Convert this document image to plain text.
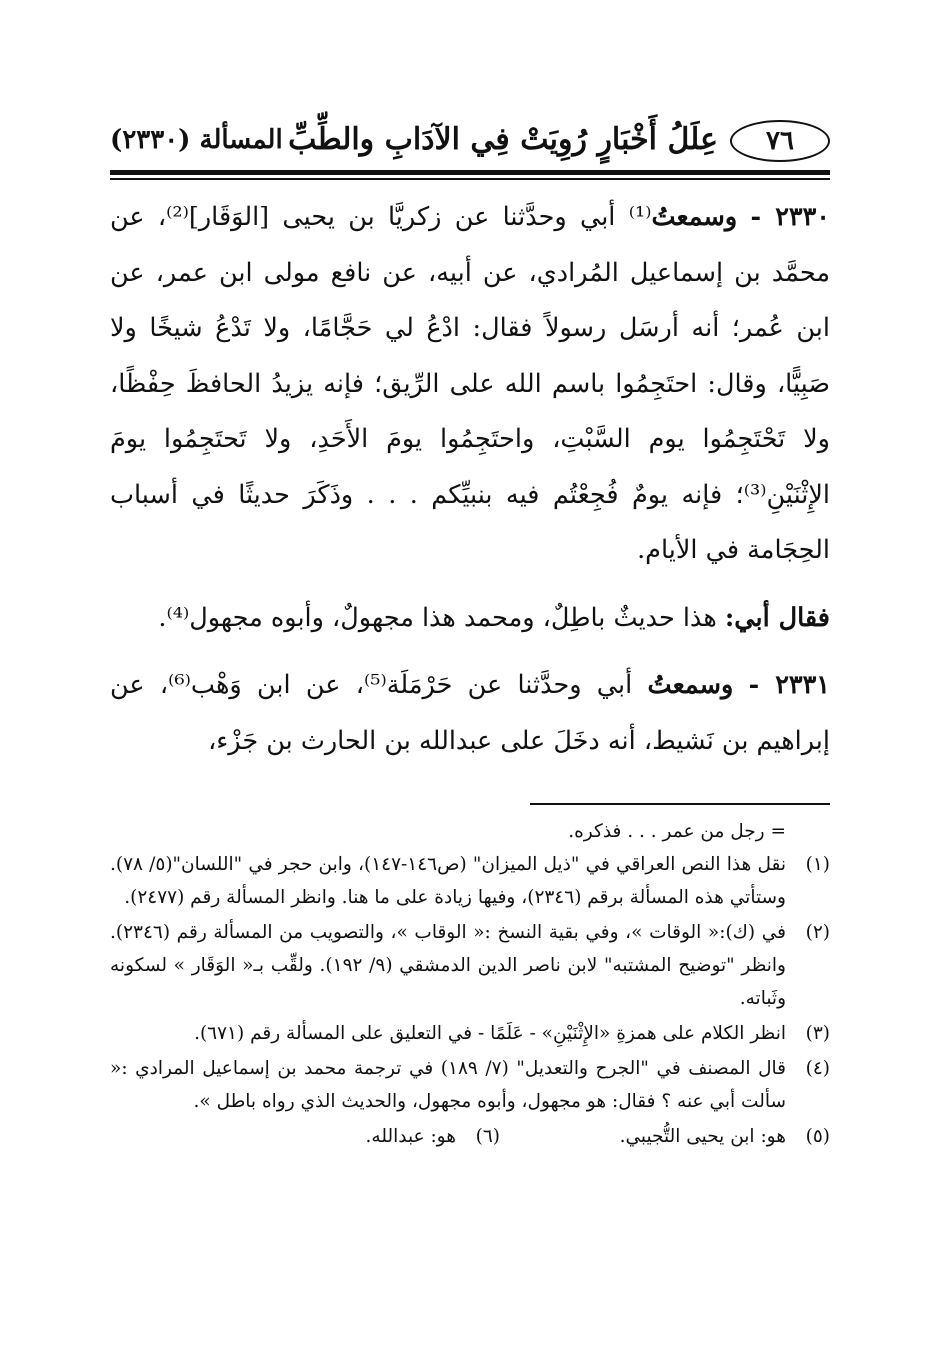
٧٦
عِلَلُ أَخْبَارٍ رُوِيَتْ فِي الآدَابِ والطِّبِّ
المسألة (٢٣٣٠)

٢٣٣٠ - وسمعتُ⁽¹⁾ أبي وحدَّثنا عن زكريَّا بن يحيى [الوَقَار]⁽²⁾، عن محمَّد بن إسماعيل المُرادي، عن أبيه، عن نافع مولى ابن عمر، عن ابن عُمر؛ أنه أرسَل رسولاً فقال: ادْعُ لي حَجَّامًا، ولا تَدْعُ شيخًا ولا صَبِيًّا، وقال: احتَجِمُوا باسم الله على الرِّيق؛ فإنه يزيدُ الحافظَ حِفْظًا، ولا تَحْتَجِمُوا يوم السَّبْتِ، واحتَجِمُوا يومَ الأَحَدِ، ولا تَحتَجِمُوا يومَ الإِثْنَيْنِ⁽³⁾؛ فإنه يومٌ فُجِعْتُم فيه بنبيِّكم . . . وذَكَرَ حديثًا في أسباب الحِجَامة في الأيام.

فقال أبي: هذا حديثٌ باطِلٌ، ومحمد هذا مجهولٌ، وأبوه مجهول⁽⁴⁾.

٢٣٣١ - وسمعتُ أبي وحدَّثنا عن حَرْمَلَة⁽⁵⁾، عن ابن وَهْب⁽⁶⁾، عن إبراهيم بن نَشيط، أنه دخَلَ على عبدالله بن الحارث بن جَزْء،

= رجل من عمر . . . فذكره.
(١)
نقل هذا النص العراقي في "ذيل الميزان" (ص١٤٦-١٤٧)، وابن حجر في "اللسان"(٥/ ٧٨). وستأتي هذه المسألة برقم (٢٣٤٦)، وفيها زيادة على ما هنا. وانظر المسألة رقم (٢٤٧٧).
(٢)
في (ك):« الوقات »، وفي بقية النسخ :« الوقاب »، والتصويب من المسألة رقم (٢٣٤٦). وانظر "توضيح المشتبه" لابن ناصر الدين الدمشقي (٩/ ١٩٢). ولقِّب بـ« الوَقَار » لسكونه وثَباته.
(٣)
انظر الكلام على همزةِ «الإِثْنَيْنِ» - عَلَمًا - في التعليق على المسألة رقم (٦٧١).
(٤)
قال المصنف في "الجرح والتعديل" (٧/ ١٨٩) في ترجمة محمد بن إسماعيل المرادي :« سألت أبي عنه ؟ فقال: هو مجهول، وأبوه مجهول، والحديث الذي رواه باطل ».
(٥)
هو: ابن يحيى التُّجيبي.
(٦)
هو: عبدالله.
